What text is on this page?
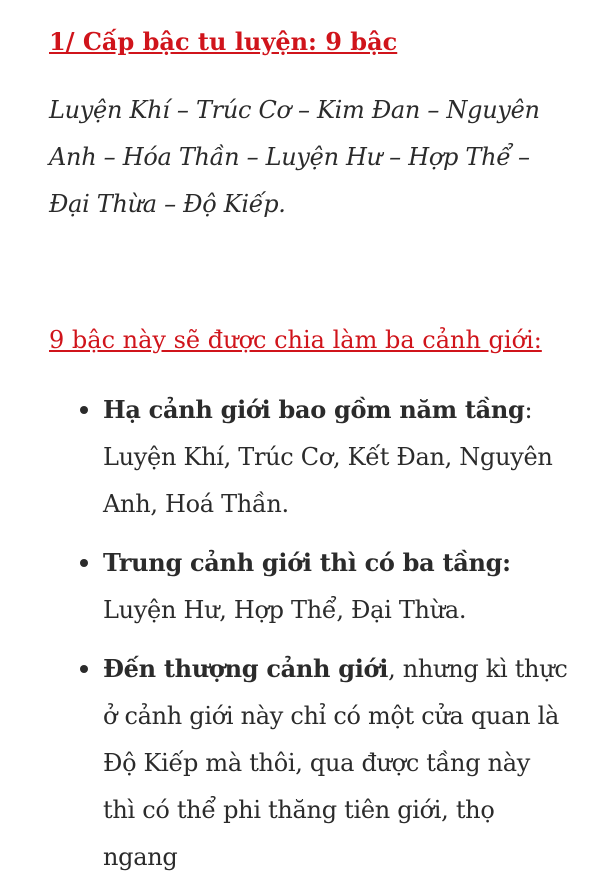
1/ Cấp bậc tu luyện: 9 bậc

Luyện Khí – Trúc Cơ – Kim Đan – Nguyên Anh – Hóa Thần – Luyện Hư – Hợp Thể – Đại Thừa – Độ Kiếp.

9 bậc này sẽ được chia làm ba cảnh giới:

Hạ cảnh giới bao gồm năm tầng: Luyện Khí, Trúc Cơ, Kết Đan, Nguyên Anh, Hoá Thần.
Trung cảnh giới thì có ba tầng: Luyện Hư, Hợp Thể, Đại Thừa.
Đến thượng cảnh giới, nhưng kì thực ở cảnh giới này chỉ có một cửa quan là Độ Kiếp mà thôi, qua được tầng này thì có thể phi thăng tiên giới, thọ ngang
